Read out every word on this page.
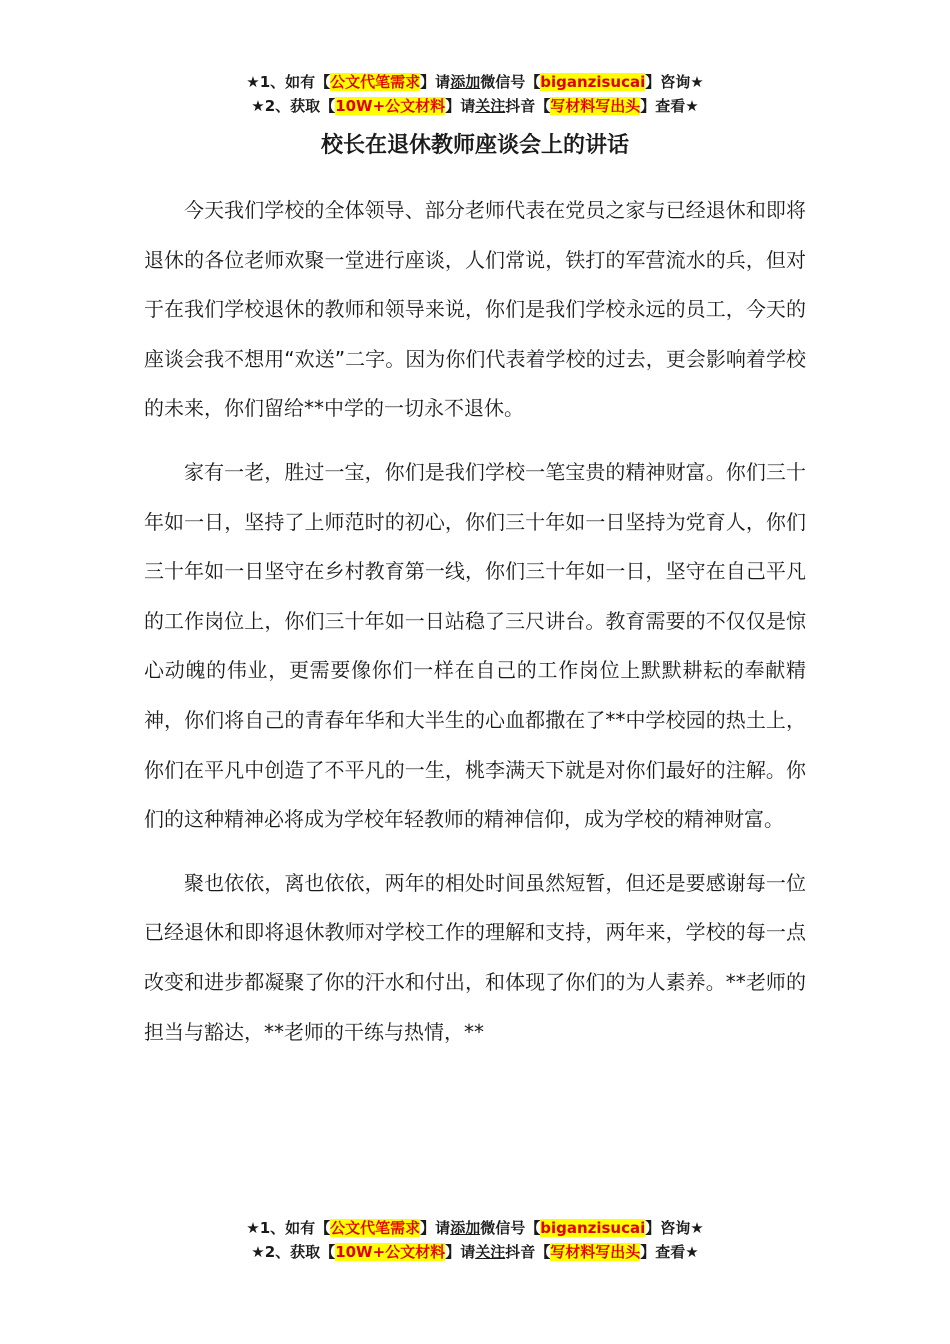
★1、如有【公文代笔需求】请添加微信号【biganzisucai】咨询★
★2、获取【10W+公文材料】请关注抖音【写材料写出头】查看★
校长在退休教师座谈会上的讲话

今天我们学校的全体领导、部分老师代表在党员之家与已经退休和即将退休的各位老师欢聚一堂进行座谈，人们常说，铁打的军营流水的兵，但对于在我们学校退休的教师和领导来说，你们是我们学校永远的员工，今天的座谈会我不想用“欢送”二字。因为你们代表着学校的过去，更会影响着学校的未来，你们留给**中学的一切永不退休。

家有一老，胜过一宝，你们是我们学校一笔宝贵的精神财富。你们三十年如一日，坚持了上师范时的初心，你们三十年如一日坚持为党育人，你们三十年如一日坚守在乡村教育第一线，你们三十年如一日，坚守在自己平凡的工作岗位上，你们三十年如一日站稳了三尺讲台。教育需要的不仅仅是惊心动魄的伟业，更需要像你们一样在自己的工作岗位上默默耕耘的奉献精神，你们将自己的青春年华和大半生的心血都撒在了**中学校园的热土上，你们在平凡中创造了不平凡的一生，桃李满天下就是对你们最好的注解。你们的这种精神必将成为学校年轻教师的精神信仰，成为学校的精神财富。

聚也依依，离也依依，两年的相处时间虽然短暂，但还是要感谢每一位已经退休和即将退休教师对学校工作的理解和支持，两年来，学校的每一点改变和进步都凝聚了你的汗水和付出，和体现了你们的为人素养。**老师的担当与豁达，**老师的干练与热情，**

★1、如有【公文代笔需求】请添加微信号【biganzisucai】咨询★
★2、获取【10W+公文材料】请关注抖音【写材料写出头】查看★
